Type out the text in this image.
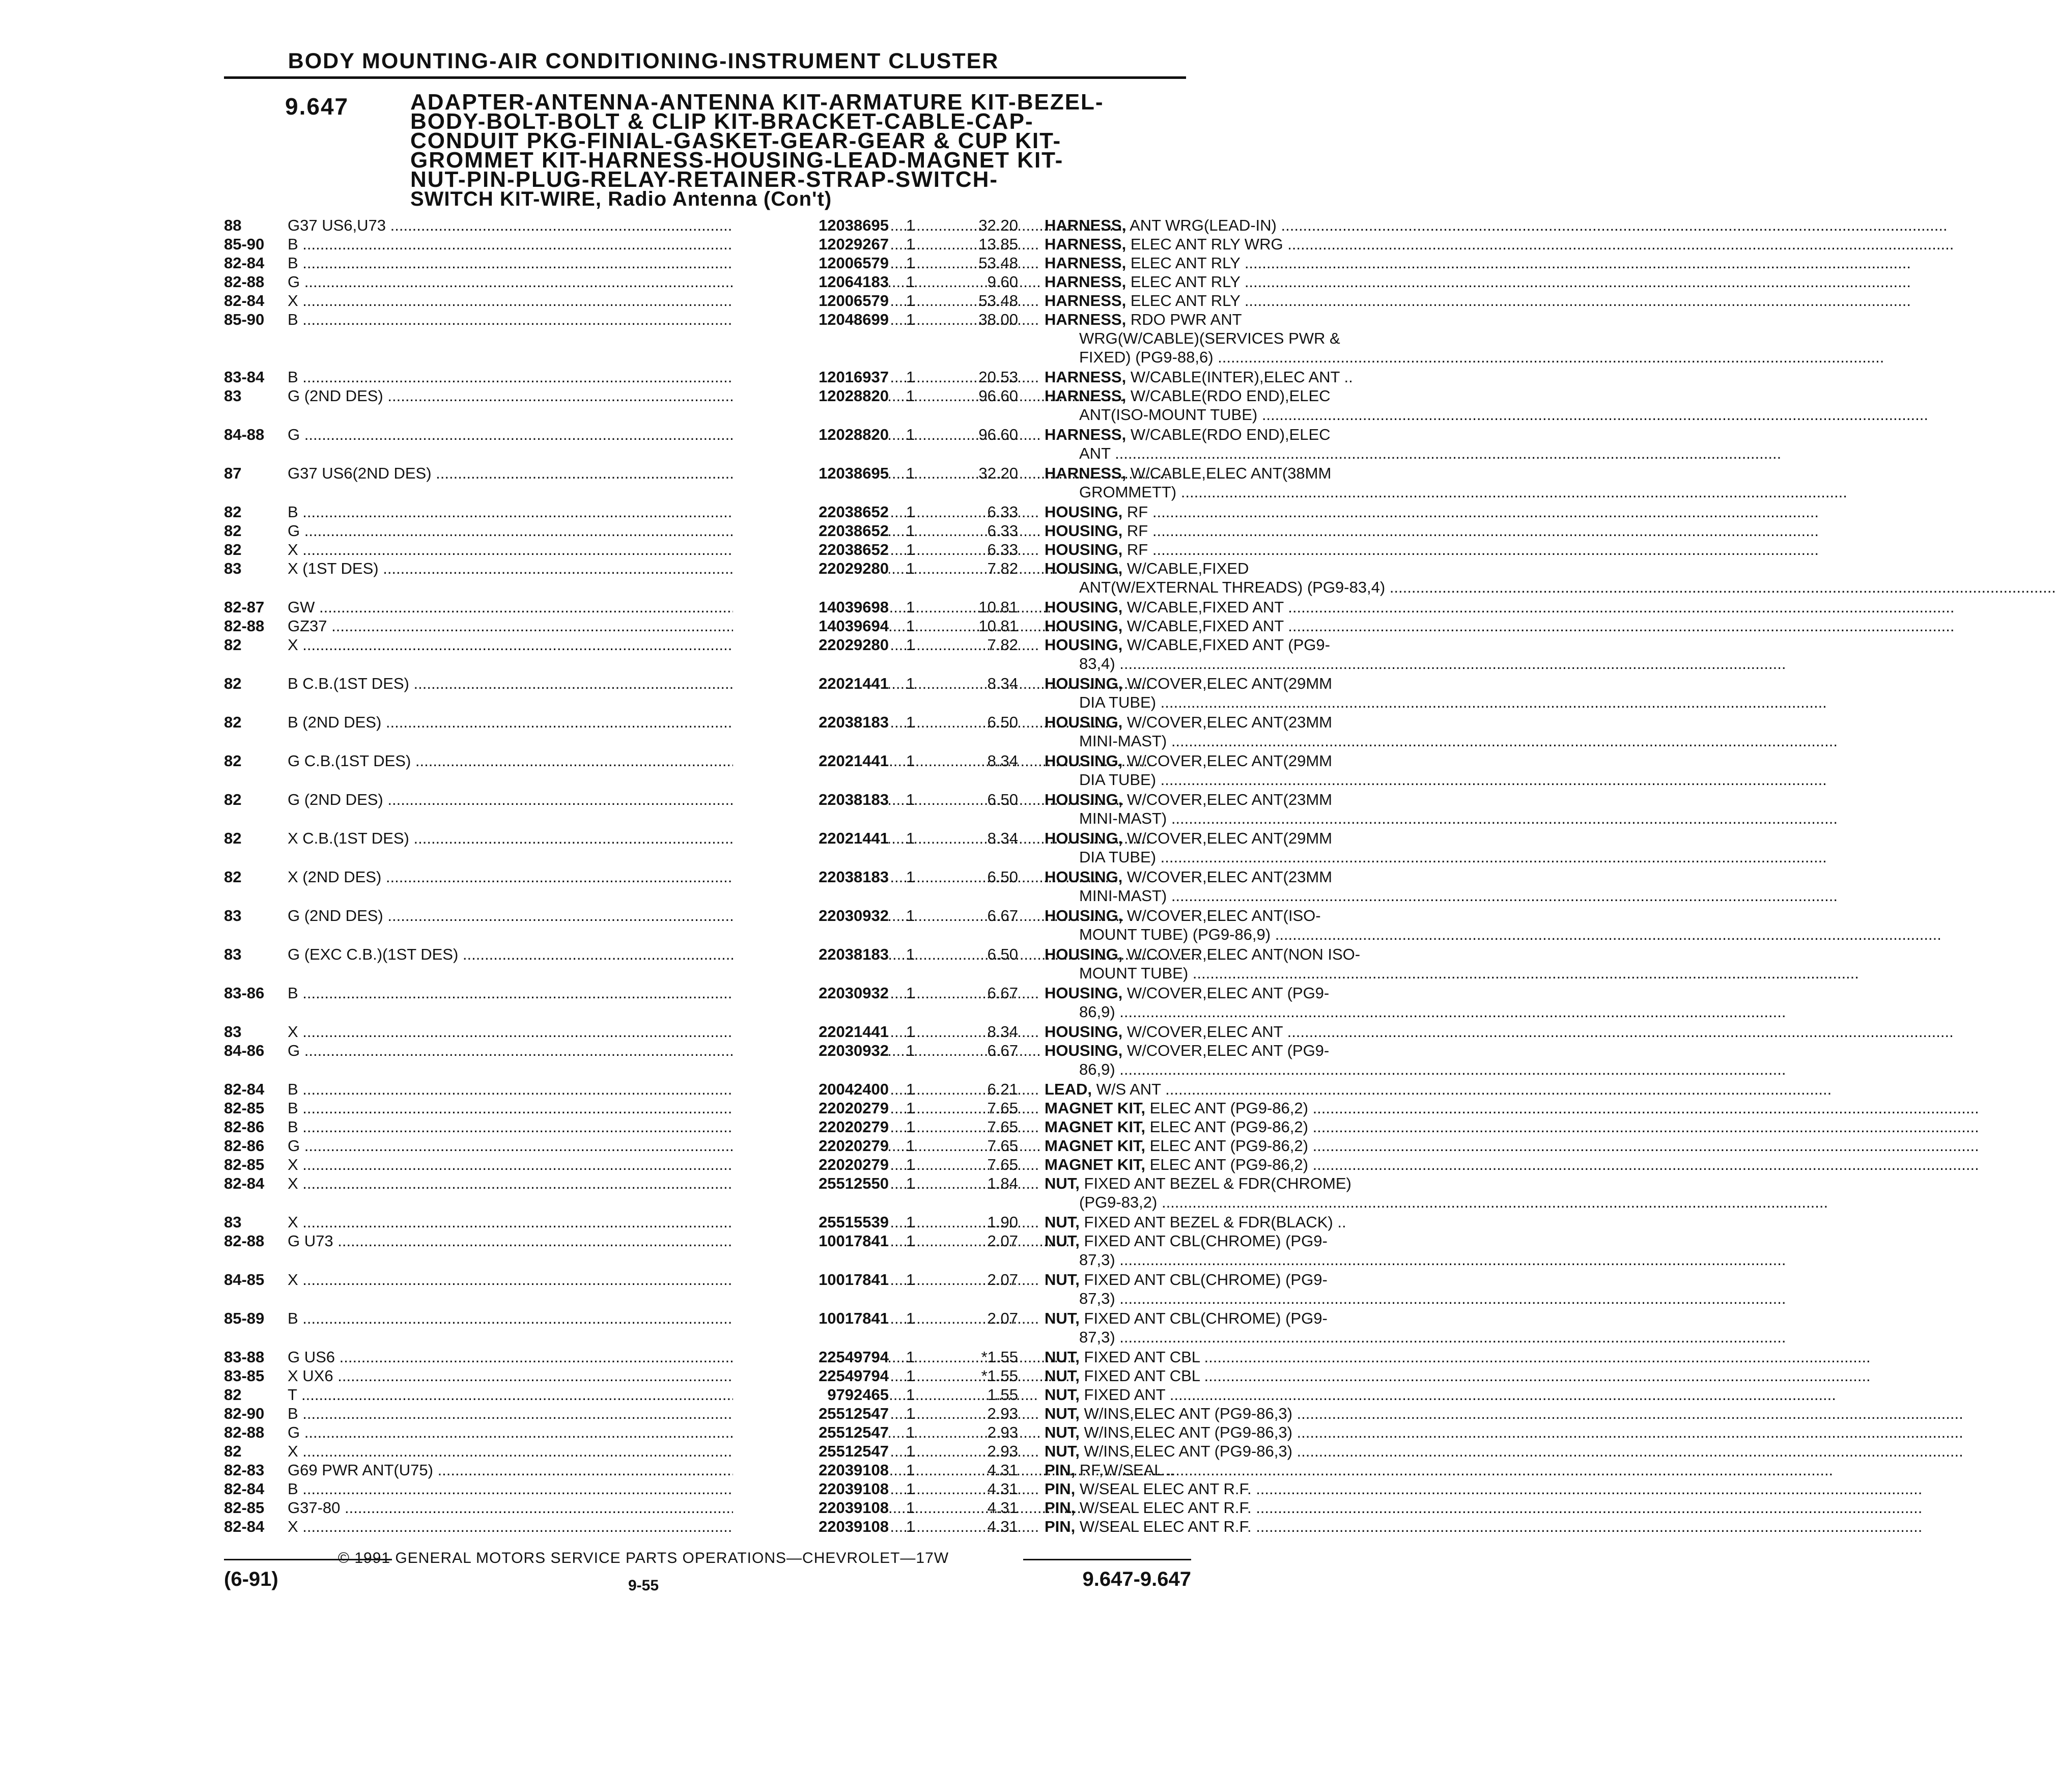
BODY MOUNTING-AIR CONDITIONING-INSTRUMENT CLUSTER
9.647	ADAPTER-ANTENNA-ANTENNA KIT-ARMATURE KIT-BEZEL-
BODY-BOLT-BOLT & CLIP KIT-BRACKET-CABLE-CAP-
CONDUIT PKG-FINIAL-GASKET-GEAR-GEAR & CUP KIT-
GROMMET KIT-HARNESS-HOUSING-LEAD-MAGNET KIT-
NUT-PIN-PLUG-RELAY-RETAINER-STRAP-SWITCH-
SWITCH KIT-WIRE, Radio Antenna (Con't)
88	G37 US6,U73 .....	12038695 1	32.20 HARNESS, ANT WRG(LEAD-IN) .....
85-90 B .....	12029267 1	13.85 HARNESS, ELEC ANT RLY WRG .....
82-84 B .....	12006579 1	53.48 HARNESS, ELEC ANT RLY .....
82-88 G .....	12064183 1	9.60 HARNESS, ELEC ANT RLY .....
82-84 X .....	12006579 1	53.48 HARNESS, ELEC ANT RLY .....
85-90 B .....	12048699 1	38.00 HARNESS, RDO PWR ANT
WRG(W/CABLE)(SERVICES PWR &
FIXED) (PG9-88,6) .....
83-84 B .....	12016937 1	20.53 HARNESS, W/CABLE(INTER),ELEC ANT ..
83	G (2ND DES) .....	12028820 1	96.60 HARNESS, W/CABLE(RDO END),ELEC
ANT(ISO-MOUNT TUBE) .....
84-88 G .....	12028820 1	96.60 HARNESS, W/CABLE(RDO END),ELEC
ANT .....
87	G37 US6(2ND DES) .....	12038695 1	32.20 HARNESS, W/CABLE,ELEC ANT(38MM
GROMMETT) .....
82	B .....	22038652 1	6.33 HOUSING, RF .....
82	G .....	22038652 1	6.33 HOUSING, RF .....
82	X .....	22038652 1	6.33 HOUSING, RF .....
83	X (1ST DES) .....	22029280 1	7.82 HOUSING, W/CABLE,FIXED
ANT(W/EXTERNAL THREADS) (PG9-83,4) .....
82-87 GW .....	14039698 1	10.81 HOUSING, W/CABLE,FIXED ANT .....
82-88 GZ37 .....	14039694 1	10.81 HOUSING, W/CABLE,FIXED ANT .....
82	X .....	22029280 1	7.82 HOUSING, W/CABLE,FIXED ANT (PG9-
83,4) .....
82	B C.B.(1ST DES) .....	22021441 1	8.34 HOUSING, W/COVER,ELEC ANT(29MM
DIA TUBE) .....
82	B (2ND DES) .....	22038183 1	6.50 HOUSING, W/COVER,ELEC ANT(23MM
MINI-MAST) .....
82	G C.B.(1ST DES) .....	22021441 1	8.34 HOUSING, W/COVER,ELEC ANT(29MM
DIA TUBE) .....
82	G (2ND DES) .....	22038183 1	6.50 HOUSING, W/COVER,ELEC ANT(23MM
MINI-MAST) .....
82	X C.B.(1ST DES) .....	22021441 1	8.34 HOUSING, W/COVER,ELEC ANT(29MM
DIA TUBE) .....
82	X (2ND DES) .....	22038183 1	6.50 HOUSING, W/COVER,ELEC ANT(23MM
MINI-MAST) .....
83	G (2ND DES) .....	22030932 1	6.67 HOUSING, W/COVER,ELEC ANT(ISO-
MOUNT TUBE) (PG9-86,9) .....
83	G (EXC C.B.)(1ST DES) .....	22038183 1	6.50 HOUSING, W/COVER,ELEC ANT(NON ISO-
MOUNT TUBE) .....
83-86 B .....	22030932 1	6.67 HOUSING, W/COVER,ELEC ANT (PG9-
86,9) .....
83	X .....	22021441 1	8.34 HOUSING, W/COVER,ELEC ANT .....
84-86 G .....	22030932 1	6.67 HOUSING, W/COVER,ELEC ANT (PG9-
86,9) .....
82-84 B .....	20042400 1	6.21 LEAD, W/S ANT .....
82-85 B .....	22020279 1	7.65 MAGNET KIT, ELEC ANT (PG9-86,2) .....
82-86 B .....	22020279 1	7.65 MAGNET KIT, ELEC ANT (PG9-86,2) .....
82-86 G .....	22020279 1	7.65 MAGNET KIT, ELEC ANT (PG9-86,2) .....
82-85 X .....	22020279 1	7.65 MAGNET KIT, ELEC ANT (PG9-86,2) .....
82-84 X .....	25512550 1	1.84 NUT, FIXED ANT BEZEL & FDR(CHROME)
(PG9-83,2) .....
83	X .....	25515539 1	1.90 NUT, FIXED ANT BEZEL & FDR(BLACK) ..
82-88 G U73 .....	10017841 1	2.07 NUT, FIXED ANT CBL(CHROME) (PG9-
87,3) .....
84-85 X .....	10017841 1	2.07 NUT, FIXED ANT CBL(CHROME) (PG9-
87,3) .....
85-89 B .....	10017841 1	2.07 NUT, FIXED ANT CBL(CHROME) (PG9-
87,3) .....
83-88 G US6 .....	22549794 1	*1.55 NUT, FIXED ANT CBL .....
83-85 X UX6 .....	22549794 1	*1.55 NUT, FIXED ANT CBL .....
82	T .....	9792465 1	1.55 NUT, FIXED ANT .....
82-90 B .....	25512547 1	2.93 NUT, W/INS,ELEC ANT (PG9-86,3) .....
82-88 G .....	25512547 1	2.93 NUT, W/INS,ELEC ANT (PG9-86,3) .....
82	X .....	25512547 1	2.93 NUT, W/INS,ELEC ANT (PG9-86,3) .....
82-83 G69 PWR ANT(U75) .....	22039108 1	4.31 PIN, RF,W/SEAL .....
82-84 B .....	22039108 1	4.31 PIN, W/SEAL ELEC ANT R.F. .....
82-85 G37-80 .....	22039108 1	4.31 PIN, W/SEAL ELEC ANT R.F. .....
82-84 X .....	22039108 1	4.31 PIN, W/SEAL ELEC ANT R.F. .....
© 1991 GENERAL MOTORS SERVICE PARTS OPERATIONS—CHEVROLET—17W
(6-91)	9-55	9.647-9.647
